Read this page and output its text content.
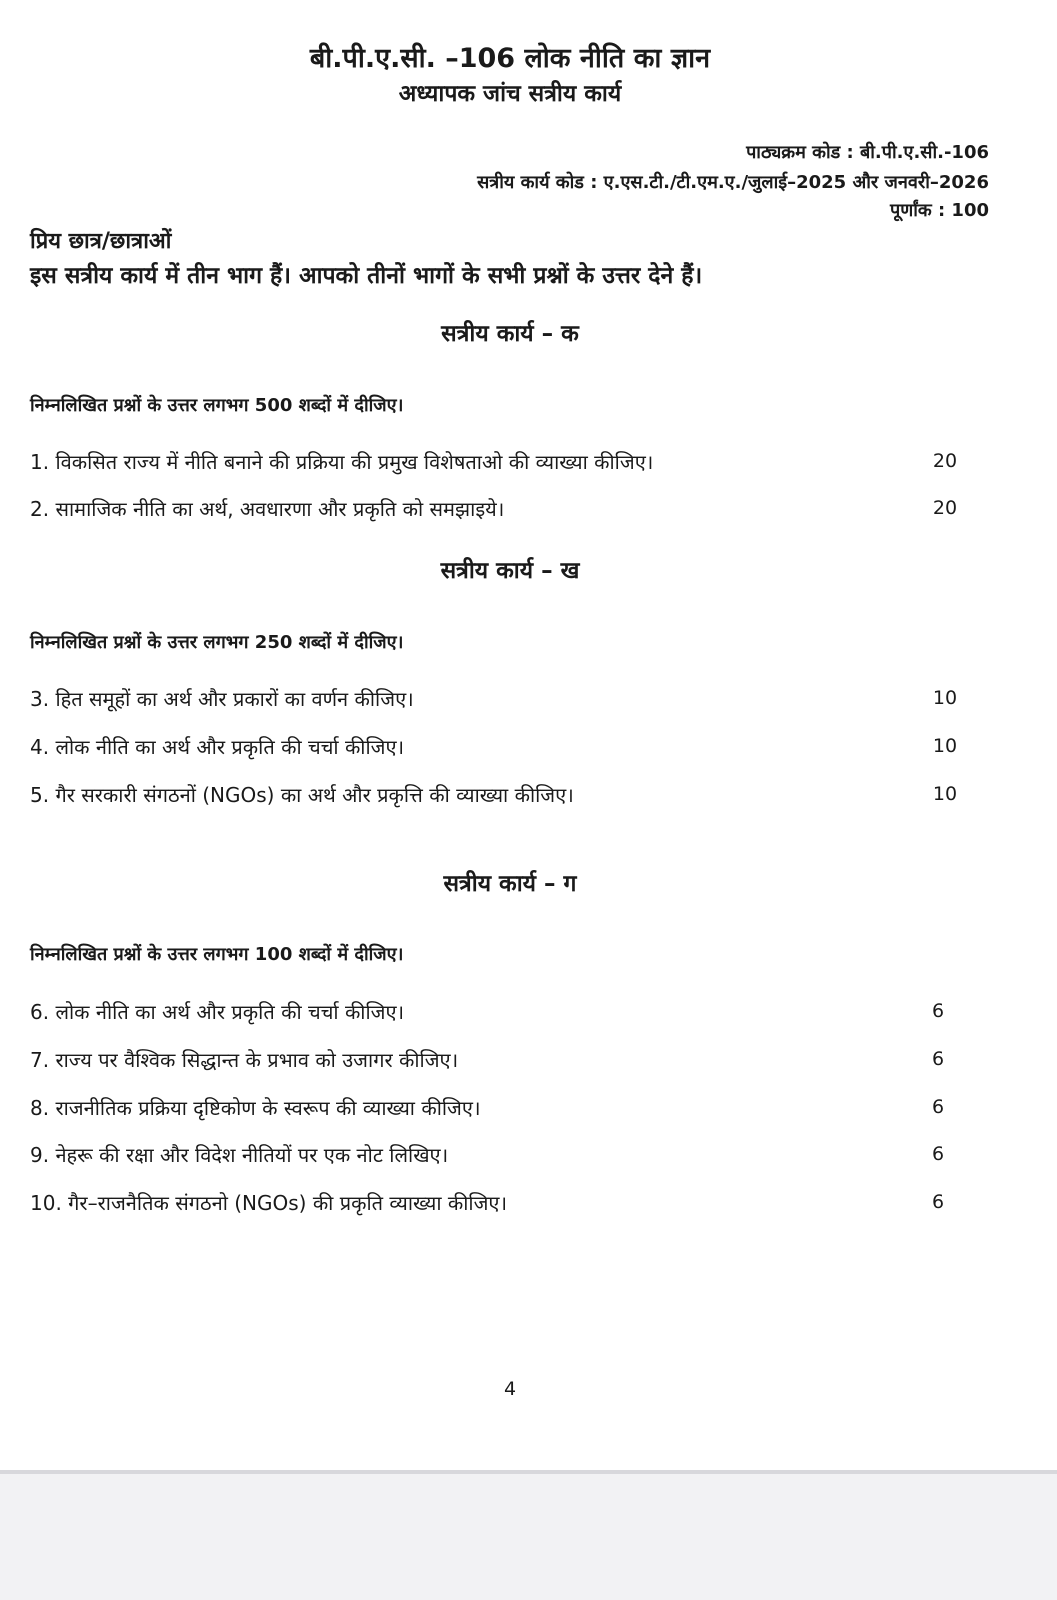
बी.पी.ए.सी. –106 लोक नीति का ज्ञान
अध्यापक जांच सत्रीय कार्य
पाठ्यक्रम कोड : बी.पी.ए.सी.-106
सत्रीय कार्य कोड : ए.एस.टी./टी.एम.ए./जुलाई–2025 और जनवरी–2026
पूर्णांक : 100
प्रिय छात्र/छात्राओं
इस सत्रीय कार्य में तीन भाग हैं। आपको तीनों भागों के सभी प्रश्नों के उत्तर देने हैं।
सत्रीय कार्य – क
निम्नलिखित प्रश्नों के उत्तर लगभग 500 शब्दों में दीजिए।
1. विकसित राज्य में नीति बनाने की प्रक्रिया की प्रमुख विशेषताओ की व्याख्या कीजिए।	20
2. सामाजिक नीति का अर्थ, अवधारणा और प्रकृति को समझाइये।	20
सत्रीय कार्य – ख
निम्नलिखित प्रश्नों के उत्तर लगभग 250 शब्दों में दीजिए।
3. हित समूहों का अर्थ और प्रकारों का वर्णन कीजिए।	10
4. लोक नीति का अर्थ और प्रकृति की चर्चा कीजिए।	10
5. गैर सरकारी संगठनों (NGOs) का अर्थ और प्रकृत्ति की व्याख्या कीजिए।	10
सत्रीय कार्य – ग
निम्नलिखित प्रश्नों के उत्तर लगभग 100 शब्दों में दीजिए।
6. लोक नीति का अर्थ और प्रकृति की चर्चा कीजिए।	6
7. राज्य पर वैश्विक सिद्धान्त के प्रभाव को उजागर कीजिए।	6
8. राजनीतिक प्रक्रिया दृष्टिकोण के स्वरूप की व्याख्या कीजिए।	6
9. नेहरू की रक्षा और विदेश नीतियों पर एक नोट लिखिए।	6
10. गैर–राजनैतिक संगठनो (NGOs) की प्रकृति व्याख्या कीजिए।	6
4
